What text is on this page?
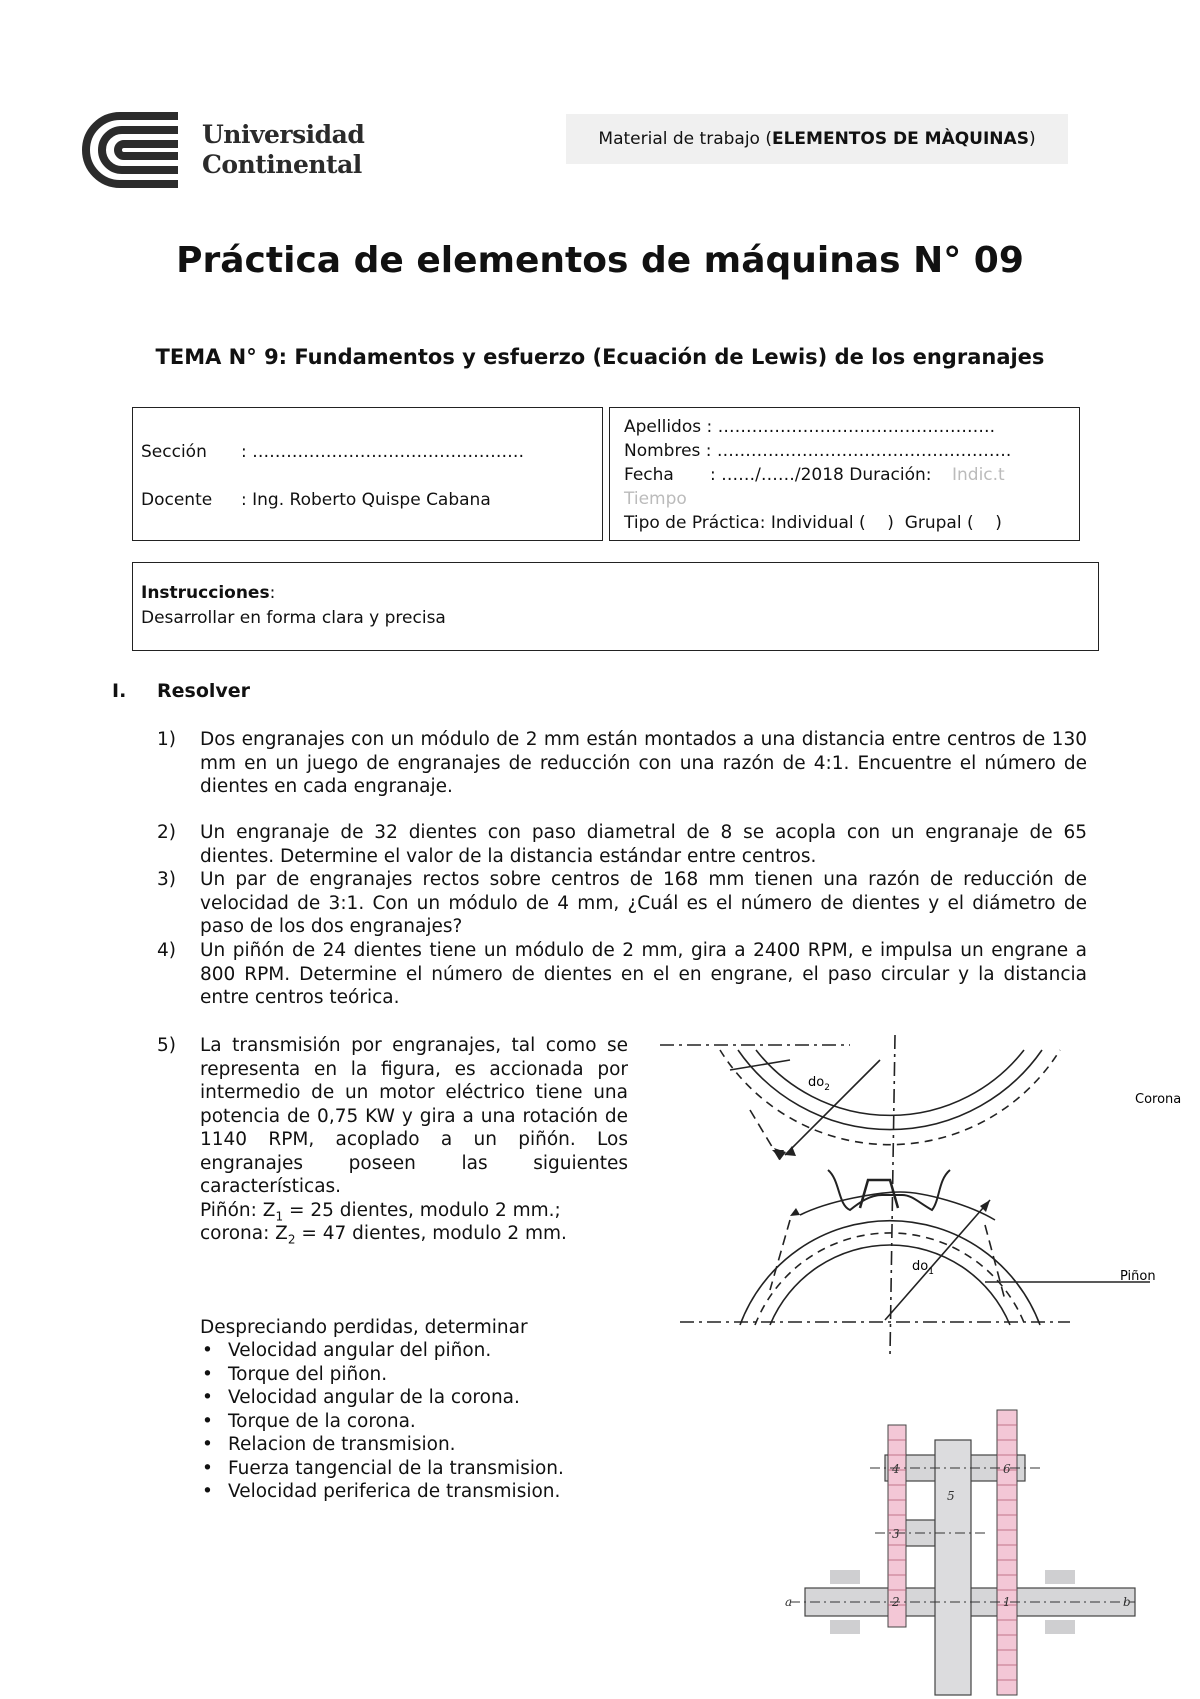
Universidad
Continental
Material de trabajo (ELEMENTOS DE MÀQUINAS)
Práctica de elementos de máquinas N° 09
TEMA N° 9: Fundamentos y esfuerzo (Ecuación de Lewis) de los engranajes
Sección : …………………………………………
Docente : Ing. Roberto Quispe Cabana
Apellidos : ………………………………………….
Nombres : …………………………………………….
Fecha : ……/……/2018 Duración: Indic.t
Tiempo
Tipo de Práctica: Individual (    )  Grupal (    )
Instrucciones:
Desarrollar en forma clara y precisa
I. Resolver
1) Dos engranajes con un módulo de 2 mm están montados a una distancia entre centros de 130 mm en un juego de engranajes de reducción con una razón de 4:1. Encuentre el número de dientes en cada engranaje.
2) Un engranaje de 32 dientes con paso diametral de 8 se acopla con un engranaje de 65 dientes. Determine el valor de la distancia estándar entre centros.
3) Un par de engranajes rectos sobre centros de 168 mm tienen una razón de reducción de velocidad de 3:1. Con un módulo de 4 mm, ¿Cuál es el número de dientes y el diámetro de paso de los dos engranajes?
4) Un piñón de 24 dientes tiene un módulo de 2 mm, gira a 2400 RPM, e impulsa un engrane a 800 RPM. Determine el número de dientes en el en engrane, el paso circular y la distancia entre centros teórica.
5) La transmisión por engranajes, tal como se representa en la figura, es accionada por intermedio de un motor eléctrico tiene una potencia de 0,75 KW y gira a una rotación de 1140 RPM, acoplado a un piñón. Los engranajes poseen las siguientes características.
Piñón: $Z_1 = 25$ dientes, modulo 2 mm.;
corona: $Z_2 = 47$ dientes, modulo 2 mm.
Despreciando perdidas, determinar
• Velocidad angular del piñon.
• Torque del piñon.
• Velocidad angular de la corona.
• Torque de la corona.
• Relacion de transmision.
• Fuerza tangencial de la transmision.
• Velocidad periferica de transmision.
$do_2$
$do_1$
Corona
Piñon
4	6
5
3
2	1
a	b
